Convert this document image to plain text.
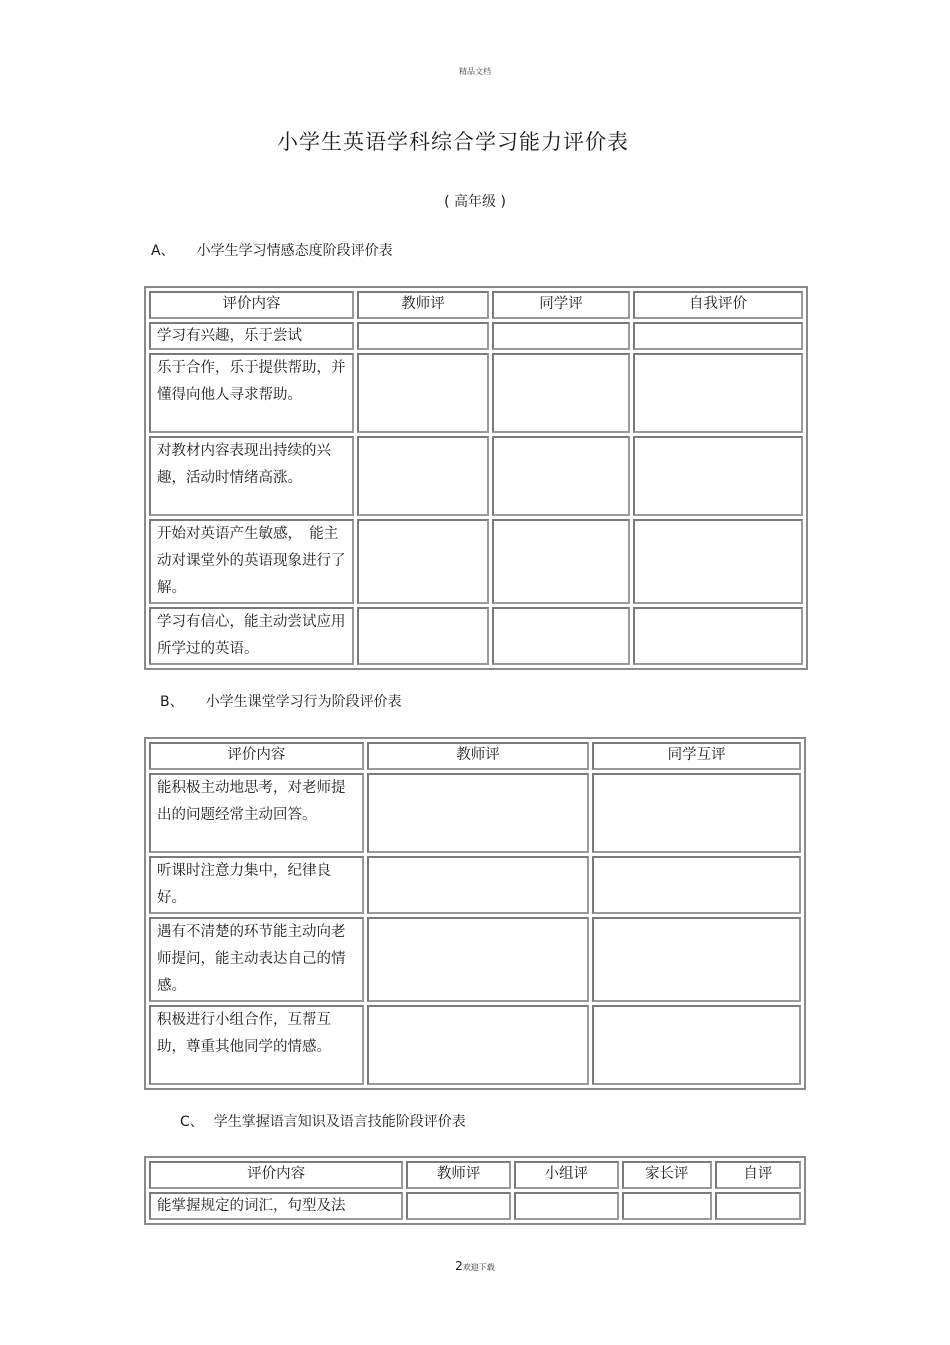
精品文档
小学生英语学科综合学习能力评价表
( 高年级 )
A、 小学生学习情感态度阶段评价表
评价内容	教师评	同学评	自我评价
学习有兴趣，乐于尝试			
乐于合作，乐于提供帮助，并懂得向他人寻求帮助。			
对教材内容表现出持续的兴趣，活动时情绪高涨。			
开始对英语产生敏感，　能主动对课堂外的英语现象进行了解。			
学习有信心，能主动尝试应用所学过的英语。			
B、 小学生课堂学习行为阶段评价表
评价内容	教师评	同学互评
能积极主动地思考，对老师提出的问题经常主动回答。		
听课时注意力集中，纪律良好。		
遇有不清楚的环节能主动向老师提问，能主动表达自己的情感。		
积极进行小组合作，互帮互助，尊重其他同学的情感。		
C、 学生掌握语言知识及语言技能阶段评价表
评价内容	教师评	小组评	家长评	自评
能掌握规定的词汇，句型及法				
2欢迎下载
